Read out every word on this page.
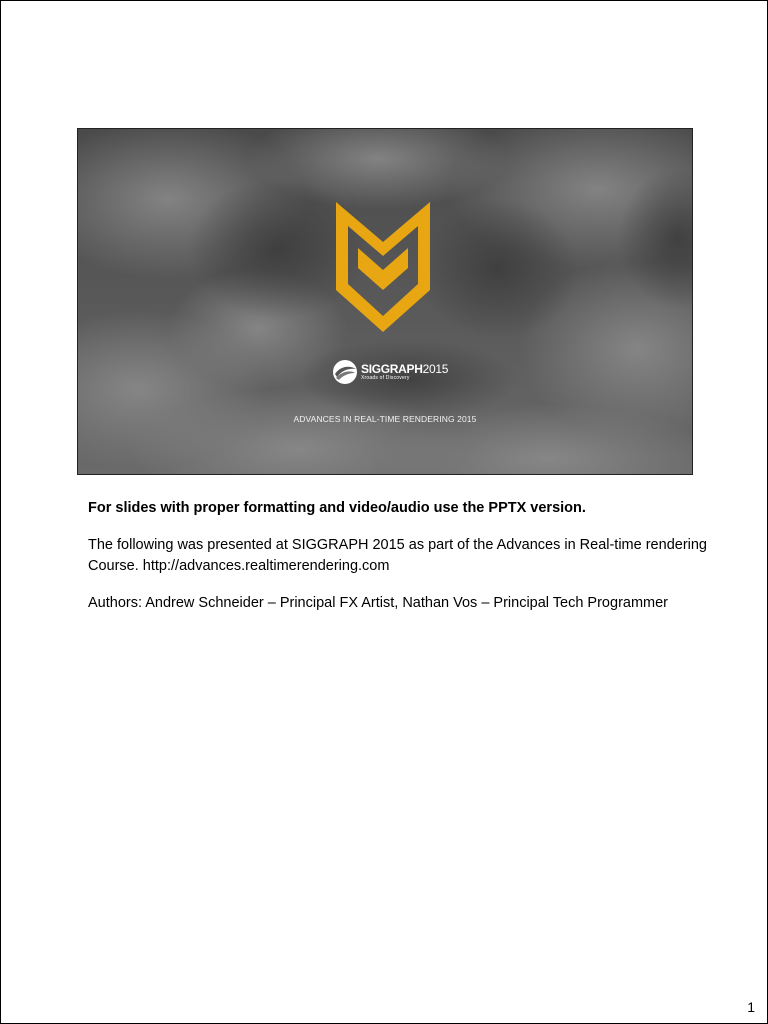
SIGGRAPH2015
Xroads of Discovery
ADVANCES IN REAL-TIME RENDERING 2015

For slides with proper formatting and video/audio use the PPTX version.

The following was presented at SIGGRAPH 2015 as part of the Advances in Real-time rendering Course. http://advances.realtimerendering.com

Authors: Andrew Schneider – Principal FX Artist, Nathan Vos – Principal Tech Programmer

1
